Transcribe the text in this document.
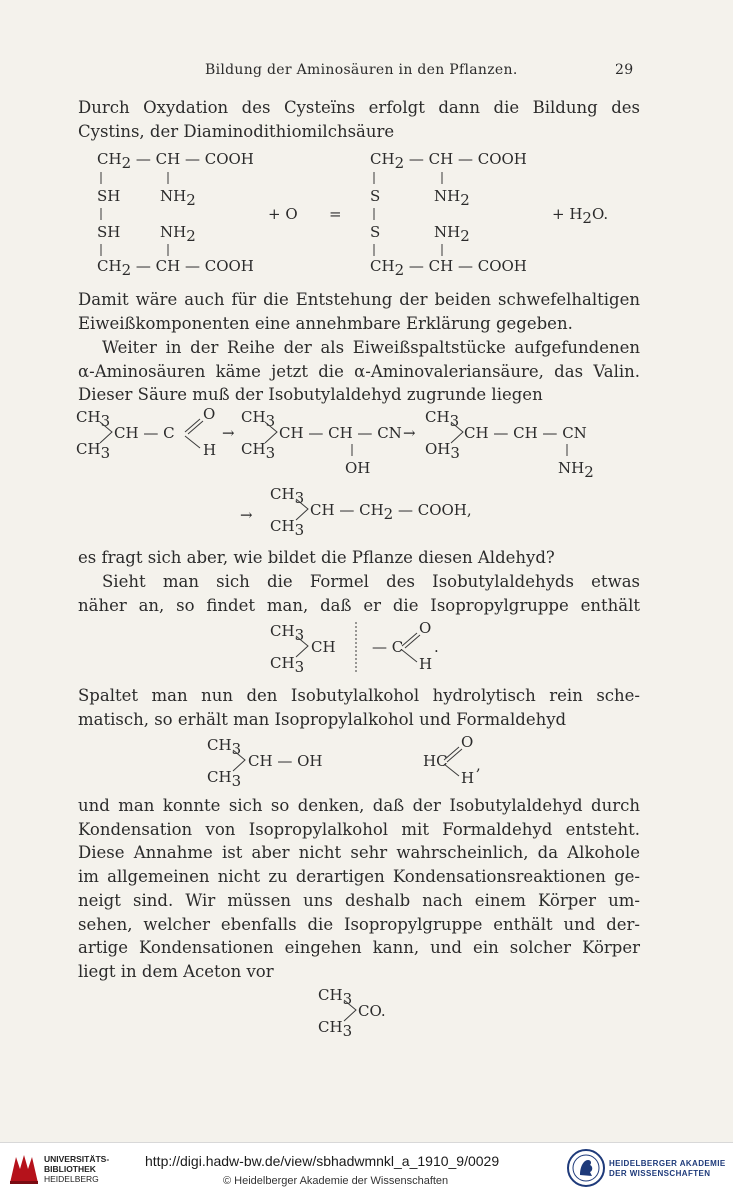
Bildung der Aminosäuren in den Pflanzen.	29
Durch Oxydation des Cysteïns erfolgt dann die Bildung des
Cystins, der Diaminodithiomilchsäure
CH2 — CH — COOH
SH	NH2
+ O =
SH	NH2
CH2 — CH — COOH
CH2 — CH — COOH
S	NH2
+ H2O.
S	NH2
CH2 — CH — COOH
Damit wäre auch für die Entstehung der beiden schwefelhaltigen
Eiweißkomponenten eine annehmbare Erklärung gegeben.
Weiter in der Reihe der als Eiweißspaltstücke aufgefundenen
α-Aminosäuren käme jetzt die α-Aminovaleriansäure, das Valin.
Dieser Säure muß der Isobutylaldehyd zugrunde liegen
CH3
CH3
CH — C
O
H
→
CH3
CH3
CH — CH — CN
OH
→
CH3
OH3
CH — CH — CN
NH2
→
CH3
CH3
CH — CH2 — COOH,
es fragt sich aber, wie bildet die Pflanze diesen Aldehyd?
Sieht man sich die Formel des Isobutylaldehyds etwas
näher an, so findet man, daß er die Isopropylgruppe enthält
CH3
CH3
CH — C
O
H
.
Spaltet man nun den Isobutylalkohol hydrolytisch rein sche-
matisch, so erhält man Isopropylalkohol und Formaldehyd
CH3
CH3
CH — OH	HC
O
H
,
und man konnte sich so denken, daß der Isobutylaldehyd durch
Kondensation von Isopropylalkohol mit Formaldehyd entsteht.
Diese Annahme ist aber nicht sehr wahrscheinlich, da Alkohole
im allgemeinen nicht zu derartigen Kondensationsreaktionen ge-
neigt sind. Wir müssen uns deshalb nach einem Körper um-
sehen, welcher ebenfalls die Isopropylgruppe enthält und der-
artige Kondensationen eingehen kann, und ein solcher Körper
liegt in dem Aceton vor
CH3
CH3
CO.
UNIVERSITÄTS-
BIBLIOTHEK
HEIDELBERG
http://digi.hadw-bw.de/view/sbhadwmnkl_a_1910_9/0029
© Heidelberger Akademie der Wissenschaften
HEIDELBERGER AKADEMIE
DER WISSENSCHAFTEN
